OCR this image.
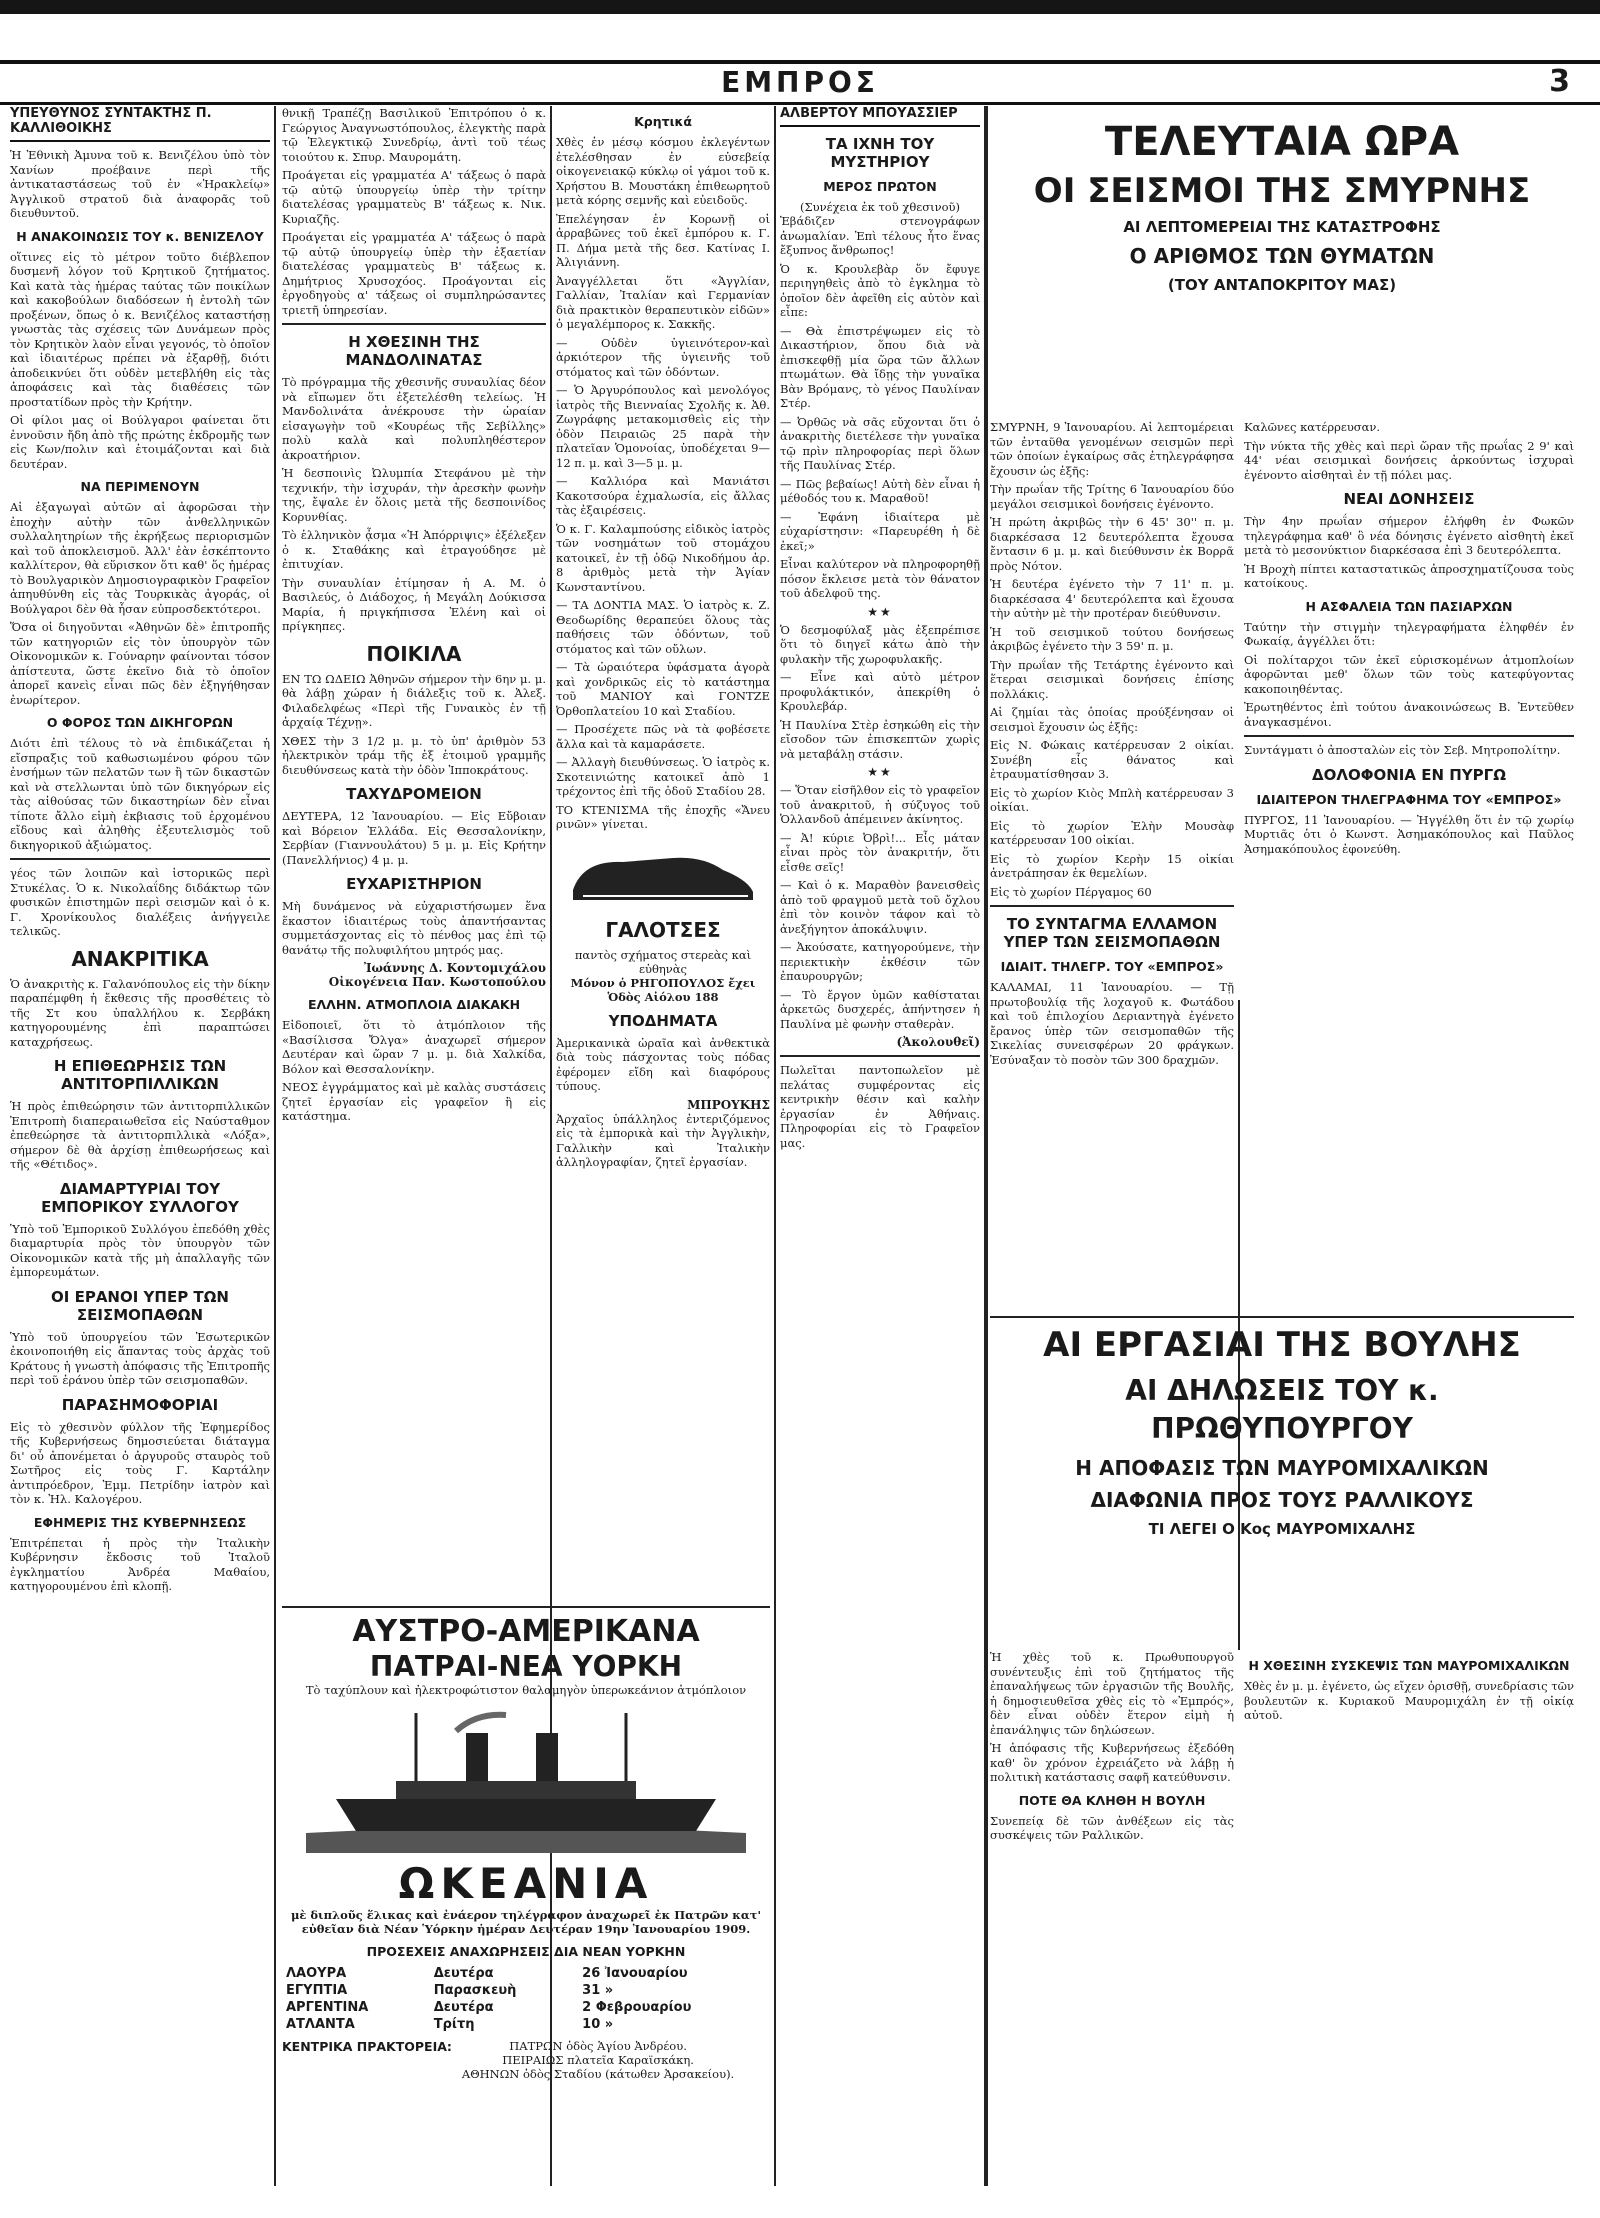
ΕΜΠΡΟΣ	3
ΥΠΕΥΘΥΝΟΣ ΣΥΝΤΑΚΤΗΣ Π. ΚΑΛΛΙΘΟΙΚΗΣ

Ἡ Ἐθνικὴ Ἀμυνα τοῦ κ. Βενιζέλου ὑπὸ τὸν Χανίων προέβαινε περὶ τῆς ἀντικαταστάσεως τοῦ ἐν «Ἡρακλείῳ» Ἀγγλικοῦ στρατοῦ διὰ ἀναφορᾶς τοῦ διευθυντοῦ.

Η ΑΝΑΚΟΙΝΩΣΙΣ ΤΟΥ κ. ΒΕΝΙΖΕΛΟΥ

οἵτινες εἰς τὸ μέτρον τοῦτο διέβλεπον δυσμενῆ λόγον τοῦ Κρητικοῦ ζητήματος. Καὶ κατὰ τὰς ἡμέρας ταύτας τῶν ποικίλων καὶ κακοβούλων διαδόσεων ἡ ἐντολὴ τῶν προξένων, ὅπως ὁ κ. Βενιζέλος καταστήσῃ γνωστὰς τὰς σχέσεις τῶν Δυνάμεων πρὸς τὸν Κρητικὸν λαὸν εἶναι γεγονός, τὸ ὁποῖον καὶ ἰδιαιτέρως πρέπει νὰ ἐξαρθῇ, διότι ἀποδεικνύει ὅτι οὐδὲν μετεβλήθη εἰς τὰς ἀποφάσεις καὶ τὰς διαθέσεις τῶν προστατίδων πρὸς τὴν Κρήτην.

Οἱ φίλοι μας οἱ Βούλγαροι φαίνεται ὅτι ἐννοῦσιν ἤδη ἀπὸ τῆς πρώτης ἐκδρομῆς των εἰς Κων/πολιν καὶ ἑτοιμάζονται καὶ διὰ δευτέραν.

ΝΑ ΠΕΡΙΜΕΝΟΥΝ

Αἱ ἐξαγωγαὶ αὐτῶν αἱ ἀφορῶσαι τὴν ἐποχὴν αὐτὴν τῶν ἀνθελληνικῶν συλλαλητηρίων τῆς ἐκρήξεως περιορισμῶν καὶ τοῦ ἀποκλεισμοῦ. Ἀλλ' ἐὰν ἐσκέπτοντο καλλίτερον, θὰ εὕρισκον ὅτι καθ' ὅς ἡμέρας τὸ Βουλγαρικὸν Δημοσιογραφικὸν Γραφεῖον ἀπηυθύνθη εἰς τὰς Τουρκικὰς ἀγοράς, οἱ Βούλγαροι δὲν θὰ ἦσαν εὐπροσδεκτότεροι.

Ὅσα οἱ διηγοῦνται «Ἀθηνῶν δὲ» ἐπιτροπῆς τῶν κατηγοριῶν εἰς τὸν ὑπουργὸν τῶν Οἰκονομικῶν κ. Γούναρην φαίνονται τόσον ἀπίστευτα, ὥστε ἐκεῖνο διὰ τὸ ὁποῖον ἀπορεῖ κανεὶς εἶναι πῶς δὲν ἐξηγήθησαν ἐνωρίτερον.

Ο ΦΟΡΟΣ ΤΩΝ ΔΙΚΗΓΟΡΩΝ

Διότι ἐπὶ τέλους τὸ νὰ ἐπιδικάζεται ἡ εἴσπραξις τοῦ καθωσιωμένου φόρου τῶν ἐνσήμων τῶν πελατῶν των ἢ τῶν δικαστῶν καὶ νὰ στελλωνται ὑπὸ τῶν δικηγόρων εἰς τὰς αἰθούσας τῶν δικαστηρίων δὲν εἶναι τίποτε ἄλλο εἰμὴ ἐκβιασις τοῦ ἐρχομένου εἴδους καὶ ἀληθὴς ἐξευτελισμὸς τοῦ δικηγορικοῦ ἀξιώματος.

γέος τῶν λοιπῶν καὶ ἱστορικῶς περὶ Στυκέλας. Ὁ κ. Νικολαΐδης διδάκτωρ τῶν φυσικῶν ἐπιστημῶν περὶ σεισμῶν καὶ ὁ κ. Γ. Χρονίκουλος διαλέξεις ἀνήγγειλε τελικῶς.

ΑΝΑΚΡΙΤΙΚΑ

Ὁ ἀνακριτὴς κ. Γαλανόπουλος εἰς τὴν δίκην παραπέμφθη ἡ ἔκθεσις τῆς προσθέτεις τὸ τῆς Στ κου ὑπαλλήλου κ. Σερβάκη κατηγορουμένης ἐπὶ παραπτώσει καταχρήσεως.

Η ΕΠΙΘΕΩΡΗΣΙΣ ΤΩΝ ΑΝΤΙΤΟΡΠΙΛΛΙΚΩΝ

Ἡ πρὸς ἐπιθεώρησιν τῶν ἀντιτορπιλλικῶν Ἐπιτροπὴ διαπεραιωθεῖσα εἰς Ναύσταθμον ἐπεθεώρησε τὰ ἀντιτορπιλλικὰ «Λόξα», σήμερον δὲ θὰ ἀρχίσῃ ἐπιθεωρήσεως καὶ τῆς «Θέτιδος».

ΔΙΑΜΑΡΤΥΡΙΑΙ ΤΟΥ ΕΜΠΟΡΙΚΟΥ ΣΥΛΛΟΓΟΥ

Ὑπὸ τοῦ Ἐμπορικοῦ Συλλόγου ἐπεδόθη χθὲς διαμαρτυρία πρὸς τὸν ὑπουργὸν τῶν Οἰκονομικῶν κατὰ τῆς μὴ ἀπαλλαγῆς τῶν ἐμπορευμάτων.

ΟΙ ΕΡΑΝΟΙ ΥΠΕΡ ΤΩΝ ΣΕΙΣΜΟΠΑΘΩΝ

Ὑπὸ τοῦ ὑπουργείου τῶν Ἐσωτερικῶν ἐκοινοποιήθη εἰς ἅπαντας τοὺς ἀρχὰς τοῦ Κράτους ἡ γνωστὴ ἀπόφασις τῆς Ἐπιτροπῆς περὶ τοῦ ἐράνου ὑπὲρ τῶν σεισμοπαθῶν.

ΠΑΡΑΣΗΜΟΦΟΡΙΑΙ

Εἰς τὸ χθεσινὸν φύλλον τῆς Ἐφημερίδος τῆς Κυβερνήσεως δημοσιεύεται διάταγμα δι' οὗ ἀπονέμεται ὁ ἀργυροῦς σταυρὸς τοῦ Σωτῆρος εἰς τοὺς Γ. Καρτάλην ἀντιπρόεδρον, Ἐμμ. Πετρίδην ἰατρὸν καὶ τὸν κ. Ἠλ. Καλογέρου.

ΕΦΗΜΕΡΙΣ ΤΗΣ ΚΥΒΕΡΝΗΣΕΩΣ

Ἐπιτρέπεται ἡ πρὸς τὴν Ἰταλικὴν Κυβέρνησιν ἔκδοσις τοῦ Ἰταλοῦ ἐγκληματίου Ἀνδρέα Μαθαίου, κατηγορουμένου ἐπὶ κλοπῇ.

θνικῇ Τραπέζῃ Βασιλικοῦ Ἐπιτρόπου ὁ κ. Γεώργιος Ἀναγνωστόπουλος, ἐλεγκτὴς παρὰ τῷ Ἐλεγκτικῷ Συνεδρίῳ, ἀντὶ τοῦ τέως τοιούτου κ. Σπυρ. Μαυρομάτη.

Προάγεται εἰς γραμματέα Α' τάξεως ὁ παρὰ τῷ αὐτῷ ὑπουργείῳ ὑπὲρ τὴν τρίτην διατελέσας γραμματεὺς Β' τάξεως κ. Νικ. Κυριαζῆς.

Προάγεται εἰς γραμματέα Α' τάξεως ὁ παρὰ τῷ αὐτῷ ὑπουργείῳ ὑπὲρ τὴν ἑξαετίαν διατελέσας γραμματεὺς Β' τάξεως κ. Δημήτριος Χρυσοχόος. Προάγονται εἰς ἐργοδηγοὺς α' τάξεως οἱ συμπληρώσαντες τριετῆ ὑπηρεσίαν.

Η ΧΘΕΣΙΝΗ ΤΗΣ ΜΑΝΔΟΛΙΝΑΤΑΣ

Τὸ πρόγραμμα τῆς χθεσινῆς συναυλίας δέον νὰ εἴπωμεν ὅτι ἐξετελέσθη τελείως. Ἡ Μανδολινάτα ἀνέκρουσε τὴν ὡραίαν εἰσαγωγὴν τοῦ «Κουρέως τῆς Σεβίλλης» πολὺ καλὰ καὶ πολυπληθέστερον ἀκροατήριον.

Ἡ δεσποινὶς Ὠλυμπία Στεφάνου μὲ τὴν τεχνικήν, τὴν ἰσχυράν, τὴν ἀρεσκὴν φωνὴν της, ἔψαλε ἐν ὅλοις μετὰ τῆς δεσποινίδος Κορυνθίας.

Τὸ ἑλληνικὸν ᾆσμα «Ἡ Ἀπόρριψις» ἐξέλεξεν ὁ κ. Σταθάκης καὶ ἐτραγούδησε μὲ ἐπιτυχίαν.

Τὴν συναυλίαν ἐτίμησαν ἡ Α. Μ. ὁ Βασιλεύς, ὁ Διάδοχος, ἡ Μεγάλη Δούκισσα Μαρία, ἡ πριγκήπισσα Ἑλένη καὶ οἱ πρίγκηπες.

ΠΟΙΚΙΛΑ

ΕΝ ΤΩ ΩΔΕΙΩ Ἀθηνῶν σήμερον τὴν 6ην μ. μ. θὰ λάβῃ χώραν ἡ διάλεξις τοῦ κ. Ἀλεξ. Φιλαδελφέως «Περὶ τῆς Γυναικὸς ἐν τῇ ἀρχαίᾳ Τέχνῃ».

ΧΘΕΣ τὴν 3 1/2 μ. μ. τὸ ὑπ' ἀριθμὸν 53 ἠλεκτρικὸν τράμ τῆς ἐξ ἑτοιμοῦ γραμμῆς διευθύνσεως κατὰ τὴν ὁδὸν Ἱπποκράτους.

ΤΑΧΥΔΡΟΜΕΙΟΝ

ΔΕΥΤΕΡΑ, 12 Ἰανουαρίου. — Εἰς Εὔβοιαν καὶ Βόρειον Ἑλλάδα. Εἰς Θεσσαλονίκην, Σερβίαν (Γιαννουλάτου) 5 μ. μ. Εἰς Κρήτην (Πανελλήνιος) 4 μ. μ.

ΕΥΧΑΡΙΣΤΗΡΙΟΝ

Μὴ δυνάμενος νὰ εὐχαριστήσωμεν ἕνα ἕκαστον ἰδιαιτέρως τοὺς ἀπαντήσαντας συμμετάσχοντας εἰς τὸ πένθος μας ἐπὶ τῷ θανάτῳ τῆς πολυφιλήτου μητρός μας.

Ἰωάννης Δ. Κοντομιχάλου
Οἰκογένεια Παν. Κωστοπούλου
ΕΛΛΗΝ. ΑΤΜΟΠΛΟΙΑ ΔΙΑΚΑΚΗ

Εἰδοποιεῖ, ὅτι τὸ ἀτμόπλοιον τῆς «Βασίλισσα Ὄλγα» ἀναχωρεῖ σήμερον Δευτέραν καὶ ὥραν 7 μ. μ. διὰ Χαλκίδα, Βόλον καὶ Θεσσαλονίκην.

ΝΕΟΣ ἐγγράμματος καὶ μὲ καλὰς συστάσεις ζητεῖ ἐργασίαν εἰς γραφεῖον ἢ εἰς κατάστημα.

Κρητικά

Χθὲς ἐν μέσῳ κόσμου ἐκλεγέντων ἐτελέσθησαν ἐν εὐσεβείᾳ οἰκογενειακῷ κύκλῳ οἱ γάμοι τοῦ κ. Χρήστου Β. Μουστάκη ἐπιθεωρητοῦ μετὰ κόρης σεμνῆς καὶ εὐειδοῦς.

Ἐπελέγησαν ἐν Κορωνῇ οἱ ἀρραβῶνες τοῦ ἐκεῖ ἐμπόρου κ. Γ. Π. Δήμα μετὰ τῆς δεσ. Κατίνας Ι. Ἀλιγιάννη.

Ἀναγγέλλεται ὅτι «Ἀγγλίαν, Γαλλίαν, Ἰταλίαν καὶ Γερμανίαν διὰ πρακτικὸν θεραπευτικὸν εἰδῶν» ὁ μεγαλέμπορος κ. Σακκῆς.

— Οὐδὲν ὑγιεινότερον-καὶ ἀρκιότερον τῆς ὑγιεινῆς τοῦ στόματος καὶ τῶν ὀδόντων.

— Ὁ Ἀργυρόπουλος καὶ μενολόγος ἰατρὸς τῆς Βιενναίας Σχολῆς κ. Ἀθ. Ζωγράφης μετακομισθεὶς εἰς τὴν ὁδὸν Πειραιῶς 25 παρὰ τὴν πλατεῖαν Ὁμονοίας, ὑποδέχεται 9—12 π. μ. καὶ 3—5 μ. μ.

— Καλλιόρα καὶ Μανιάτσι Κακοτσούρα ἐχμαλωσία, εἰς ἄλλας τὰς ἐξαιρέσεις.

Ὁ κ. Γ. Καλαμπούσης εἰδικὸς ἰατρὸς τῶν νοσημάτων τοῦ στομάχου κατοικεῖ, ἐν τῇ ὁδῷ Νικοδήμου ἀρ. 8 ἀριθμὸς μετὰ τὴν Ἁγίαν Κωνσταντίνου.

— ΤΑ ΔΟΝΤΙΑ ΜΑΣ. Ὁ ἰατρὸς κ. Ζ. Θεοδωρίδης θεραπεύει ὅλους τὰς παθήσεις τῶν ὀδόντων, τοῦ στόματος καὶ τῶν οὔλων.

— Τὰ ὡραιότερα ὑφάσματα ἀγορὰ καὶ χονδρικῶς εἰς τὸ κατάστημα τοῦ ΜΑΝΙΟΥ καὶ ΓΟΝΤΖΕ Ὀρθοπλατείου 10 καὶ Σταδίου.

— Προσέχετε πῶς νὰ τὰ φοβέσετε ἄλλα καὶ τὰ καμαράσετε.

— Ἀλλαγὴ διευθύνσεως. Ὁ ἰατρὸς κ. Σκοτεινιώτης κατοικεῖ ἀπὸ 1 τρέχοντος ἐπὶ τῆς ὁδοῦ Σταδίου 28.

ΤΟ ΚΤΕΝΙΣΜΑ τῆς ἐποχῆς «Ἄνευ ρινῶν» γίνεται.

ΓΑΛΟΤΣΕΣ
παντὸς σχήματος στερεὰς καὶ εὐθηνὰς
Μόνον ὁ ΡΗΓΟΠΟΥΛΟΣ ἔχει Ὁδὸς Αἰόλου 188
ΥΠΟΔΗΜΑΤΑ

Ἀμερικανικὰ ὡραῖα καὶ ἀνθεκτικὰ διὰ τοὺς πάσχοντας τοὺς πόδας ἐφέρομεν εἴδη καὶ διαφόρους τύπους.

ΜΠΡΟΥΚΗΣ

Ἀρχαῖος ὑπάλληλος ἐντεριζόμενος εἰς τὰ ἐμπορικὰ καὶ τὴν Ἀγγλικὴν, Γαλλικὴν καὶ Ἰταλικὴν ἀλληλογραφίαν, ζητεῖ ἐργασίαν.

ΑΛΒΕΡΤΟΥ ΜΠΟΥΑΣΣΙΕΡ
ΤΑ ΙΧΝΗ ΤΟΥ ΜΥΣΤΗΡΙΟΥ
ΜΕΡΟΣ ΠΡΩΤΟΝ
(Συνέχεια ἐκ τοῦ χθεσινοῦ)

Ἐβάδιζεν στενογράφων ἀνωμαλίαν. Ἐπὶ τέλους ἦτο ἕνας ἔξυπνος ἄνθρωπος!

Ὁ κ. Κρουλεβὰρ ὅν ἔφυγε περιηγηθεὶς ἀπὸ τὸ ἐγκλημα τὸ ὁποῖον δὲν ἀφεῖθη εἰς αὐτὸν καὶ εἶπε:

— Θὰ ἐπιστρέψωμεν εἰς τὸ Δικαστήριον, ὅπου διὰ νὰ ἐπισκεφθῇ μία ὥρα τῶν ἄλλων πτωμάτων. Θὰ ἴδῃς τὴν γυναῖκα Βὰν Βρόμανς, τὸ γένος Παυλίναν Στέρ.

— Ὀρθῶς νὰ σᾶς εὔχονται ὅτι ὁ ἀνακριτὴς διετέλεσε τὴν γυναῖκα τῷ πρὶν πληροφορίας περὶ ὅλων τῆς Παυλίνας Στέρ.

— Πῶς βεβαίως! Αὐτὴ δὲν εἶναι ἡ μέθοδός του κ. Μαραθοῦ!

— Ἐφάνη ἰδιαίτερα μὲ εὐχαρίστησιν: «Παρευρέθη ἡ δὲ ἐκεῖ;»

Εἶναι καλύτερον νὰ πληροφορηθῇ πόσον ἔκλεισε μετὰ τὸν θάνατον τοῦ ἀδελφοῦ της.

★★

Ὁ δεσμοφύλαξ μὰς ἐξεπρέπισε ὅτι τὸ διηγεῖ κάτω ἀπὸ τὴν φυλακὴν τῆς χωροφυλακῆς.

— Εἶνε καὶ αὐτὸ μέτρον προφυλάκτικόν, ἀπεκρίθη ὁ Κρουλεβάρ.

Ἡ Παυλίνα Στὲρ ἐσηκώθη εἰς τὴν εἴσοδον τῶν ἐπισκεπτῶν χωρὶς νὰ μεταβάλῃ στάσιν.

★★

— Ὅταν εἰσῆλθον εἰς τὸ γραφεῖον τοῦ ἀνακριτοῦ, ἡ σύζυγος τοῦ Ὁλλανδοῦ ἀπέμεινεν ἀκίνητος.

— Ἀ! κύριε Ὀβρὶ!... Εἶς μάταν εἶναι πρὸς τὸν ἀνακριτήν, ὅτι εἶσθε σεῖς!

— Καὶ ὁ κ. Μαραθὸν βανεισθεὶς ἀπὸ τοῦ φραγμοῦ μετὰ τοῦ ὄχλου ἐπὶ τὸν κοινὸν τάφον καὶ τὸ ἀνεξήγητον ἀποκάλυψιν.

— Ἀκούσατε, κατηγορούμενε, τὴν περιεκτικὴν ἐκθέσιν τῶν ἐπαυρουργῶν;

— Τὸ ἔργον ὑμῶν καθίσταται ἀρκετῶς δυσχερές, ἀπήντησεν ἡ Παυλίνα μὲ φωνὴν σταθερὰν.

(Ἀκολουθεῖ)

Πωλεῖται παντοπωλεῖον μὲ πελάτας συμφέροντας εἰς κεντρικὴν θέσιν καὶ καλὴν ἐργασίαν ἐν Ἀθήναις. Πληροφορίαι εἰς τὸ Γραφεῖον μας.

ΣΜΥΡΝΗ, 9 Ἰανουαρίου. Αἱ λεπτομέρειαι τῶν ἐνταῦθα γενομένων σεισμῶν περὶ τῶν ὁποίων ἐγκαίρως σᾶς ἐτηλεγράφησα ἔχουσιν ὡς ἑξῆς:

Τὴν πρωΐαν τῆς Τρίτης 6 Ἰανουαρίου δύο μεγάλοι σεισμικοὶ δονήσεις ἐγένοντο.

Ἡ πρώτη ἀκριβῶς τὴν 6 45' 30'' π. μ. διαρκέσασα 12 δευτερόλεπτα ἔχουσα ἔντασιν 6 μ. μ. καὶ διεύθυνσιν ἐκ Βορρᾶ πρὸς Νότον.

Ἡ δευτέρα ἐγένετο τὴν 7 11' π. μ. διαρκέσασα 4' δευτερόλεπτα καὶ ἔχουσα τὴν αὐτὴν μὲ τὴν προτέραν διεύθυνσιν.

Ἡ τοῦ σεισμικοῦ τούτου δονήσεως ἀκριβῶς ἐγένετο τὴν 3 59' π. μ.

Τὴν πρωΐαν τῆς Τετάρτης ἐγένοντο καὶ ἕτεραι σεισμικαὶ δονήσεις ἐπίσης πολλάκις.

Αἱ ζημίαι τὰς ὁποίας προύξένησαν οἱ σεισμοὶ ἔχουσιν ὡς ἑξῆς:

Εἰς Ν. Φώκαις κατέρρευσαν 2 οἰκίαι. Συνέβη εἷς θάνατος καὶ ἐτραυματίσθησαν 3.

Εἰς τὸ χωρίον Κιὸς Μπλὴ κατέρρευσαν 3 οἰκίαι.

Εἰς τὸ χωρίον Ἐλὴν Μουσὰφ κατέρρευσαν 100 οἰκίαι.

Εἰς τὸ χωρίον Κερὴν 15 οἰκίαι ἀνετράπησαν ἐκ θεμελίων.

Εἰς τὸ χωρίον Πέργαμος 60

ΤΟ ΣΥΝΤΑΓΜΑ ΕΛΛΑΜΟΝ ΥΠΕΡ ΤΩΝ ΣΕΙΣΜΟΠΑΘΩΝ
ΙΔΙΑΙΤ. ΤΗΛΕΓΡ. ΤΟΥ «ΕΜΠΡΟΣ»

ΚΑΛΑΜΑΙ, 11 Ἰανουαρίου. — Τῇ πρωτοβουλίᾳ τῆς λοχαγοῦ κ. Φωτάδου καὶ τοῦ ἐπιλοχίου Δεριαντηγὰ ἐγένετο ἔρανος ὑπὲρ τῶν σεισμοπαθῶν τῆς Σικελίας συνεισφέρων 20 φράγκων. Ἐσύναξαν τὸ ποσὸν τῶν 300 δραχμῶν.

ΤΕΛΕΥΤΑΙΑ ΩΡΑ
ΟΙ ΣΕΙΣΜΟΙ ΤΗΣ ΣΜΥΡΝΗΣ
ΑΙ ΛΕΠΤΟΜΕΡΕΙΑΙ ΤΗΣ ΚΑΤΑΣΤΡΟΦΗΣ
Ο ΑΡΙΘΜΟΣ ΤΩΝ ΘΥΜΑΤΩΝ
(ΤΟΥ ΑΝΤΑΠΟΚΡΙΤΟΥ ΜΑΣ)

Καλῶνες κατέρρευσαν.

Τὴν νύκτα τῆς χθὲς καὶ περὶ ὥραν τῆς πρωΐας 2 9' καὶ 44' νέαι σεισμικαὶ δονήσεις ἀρκούντως ἰσχυραὶ ἐγένοντο αἰσθηταὶ ἐν τῇ πόλει μας.

ΝΕΑΙ ΔΟΝΗΣΕΙΣ

Τὴν 4ην πρωΐαν σήμερον ἐλήφθη ἐν Φωκῶν τηλεγράφημα καθ' ὃ νέα δόνησις ἐγένετο αἰσθητὴ ἐκεῖ μετὰ τὸ μεσονύκτιον διαρκέσασα ἐπὶ 3 δευτερόλεπτα.

Ἡ Βροχὴ πίπτει καταστατικῶς ἀπροσχηματίζουσα τοὺς κατοίκους.

Η ΑΣΦΑΛΕΙΑ ΤΩΝ ΠΑΣΙΑΡΧΩΝ

Ταύτην τὴν στιγμὴν τηλεγραφήματα ἐληφθέν ἐν Φωκαίᾳ, ἀγγέλλει ὅτι:

Οἱ πολίταρχοι τῶν ἐκεῖ εὑρισκομένων ἀτμοπλοίων ἀφορῶνται μεθ' ὅλων τῶν τοὺς κατεφύγοντας κακοποιηθέντας.

Ἐρωτηθέντος ἐπὶ τούτου ἀνακοινώσεως Β. Ἐντεῦθεν ἀναγκασμένοι.

Συντάγματι ὁ ἀποσταλὼν εἰς τὸν Σεβ. Μητροπολίτην.

ΔΟΛΟΦΟΝΙΑ ΕΝ ΠΥΡΓΩ
ΙΔΙΑΙΤΕΡΟΝ ΤΗΛΕΓΡΑΦΗΜΑ ΤΟΥ «ΕΜΠΡΟΣ»

ΠΥΡΓΟΣ, 11 Ἰανουαρίου. — Ἠγγέλθη ὅτι ἐν τῷ χωρίῳ Μυρτιᾶς ὁτι ὁ Κωνστ. Ἀσημακόπουλος καὶ Παῦλος Ἀσημακόπουλος ἐφονεύθη.

ΑΙ ΕΡΓΑΣΙΑΙ ΤΗΣ ΒΟΥΛΗΣ
ΑΙ ΔΗΛΩΣΕΙΣ ΤΟΥ κ. ΠΡΩΘΥΠΟΥΡΓΟΥ
Η ΑΠΟΦΑΣΙΣ ΤΩΝ ΜΑΥΡΟΜΙΧΑΛΙΚΩΝ
ΔΙΑΦΩΝΙΑ ΠΡΟΣ ΤΟΥΣ ΡΑΛΛΙΚΟΥΣ
ΤΙ ΛΕΓΕΙ Ο Κος ΜΑΥΡΟΜΙΧΑΛΗΣ

Ἡ χθὲς τοῦ κ. Πρωθυπουργοῦ συνέντευξις ἐπὶ τοῦ ζητήματος τῆς ἐπαναλήψεως τῶν ἐργασιῶν τῆς Βουλῆς, ἡ δημοσιευθεῖσα χθὲς εἰς τὸ «Ἐμπρός», δὲν εἶναι οὐδὲν ἕτερον εἰμὴ ἡ ἐπανάληψις τῶν δηλώσεων.

Ἡ ἀπόφασις τῆς Κυβερνήσεως ἐξεδόθη καθ' ὃν χρόνον ἐχρειάζετο νὰ λάβῃ ἡ πολιτικὴ κατάστασις σαφῆ κατεύθυνσιν.

ΠΟΤΕ ΘΑ ΚΛΗΘΗ Η ΒΟΥΛΗ

Συνεπείᾳ δὲ τῶν ἀνθέξεων εἰς τὰς συσκέψεις τῶν Ραλλικῶν.

Η ΧΘΕΣΙΝΗ ΣΥΣΚΕΨΙΣ ΤΩΝ ΜΑΥΡΟΜΙΧΑΛΙΚΩΝ

Χθὲς ἐν μ. μ. ἐγένετο, ὡς εἴχεν ὁρισθῇ, συνεδρίασις τῶν βουλευτῶν κ. Κυριακοῦ Μαυρομιχάλη ἐν τῇ οἰκίᾳ αὐτοῦ.

ΑΥΣΤΡΟ-ΑΜΕΡΙΚΑΝΑ
ΠΑΤΡΑΙ-ΝΕΑ ΥΟΡΚΗ
Τὸ ταχύπλουν καὶ ἠλεκτροφώτιστον θαλαμηγὸν ὑπερωκεάνιον ἀτμόπλοιον
ΩΚΕΑΝΙΑ
μὲ διπλοῦς ἕλικας καὶ ἐνάερον τηλέγραφον ἀναχωρεῖ ἐκ Πατρῶν κατ' εὐθεῖαν διὰ Νέαν Ὑόρκην ἡμέραν Δευτέραν 19ην Ἰανουαρίου 1909.
ΠΡΟΣΕΧΕΙΣ ΑΝΑΧΩΡΗΣΕΙΣ ΔΙΑ ΝΕΑΝ ΥΟΡΚΗΝ
ΛΑΟΥΡΑ	Δευτέρα	26 Ἰανουαρίου
ΕΓΥΠΤΙΑ	Παρασκευὴ	31 »
ΑΡΓΕΝΤΙΝΑ	Δευτέρα	2 Φεβρουαρίου
ΑΤΛΑΝΤΑ	Τρίτη	10 »
ΚΕΝΤΡΙΚΑ ΠΡΑΚΤΟΡΕΙΑ:	ΠΑΤΡΩΝ ὁδὸς Ἁγίου Ἀνδρέου.
ΠΕΙΡΑΙΩΣ πλατεῖα Καραϊσκάκη.
ΑΘΗΝΩΝ ὁδὸς Σταδίου (κάτωθεν Ἀρσακείου).
